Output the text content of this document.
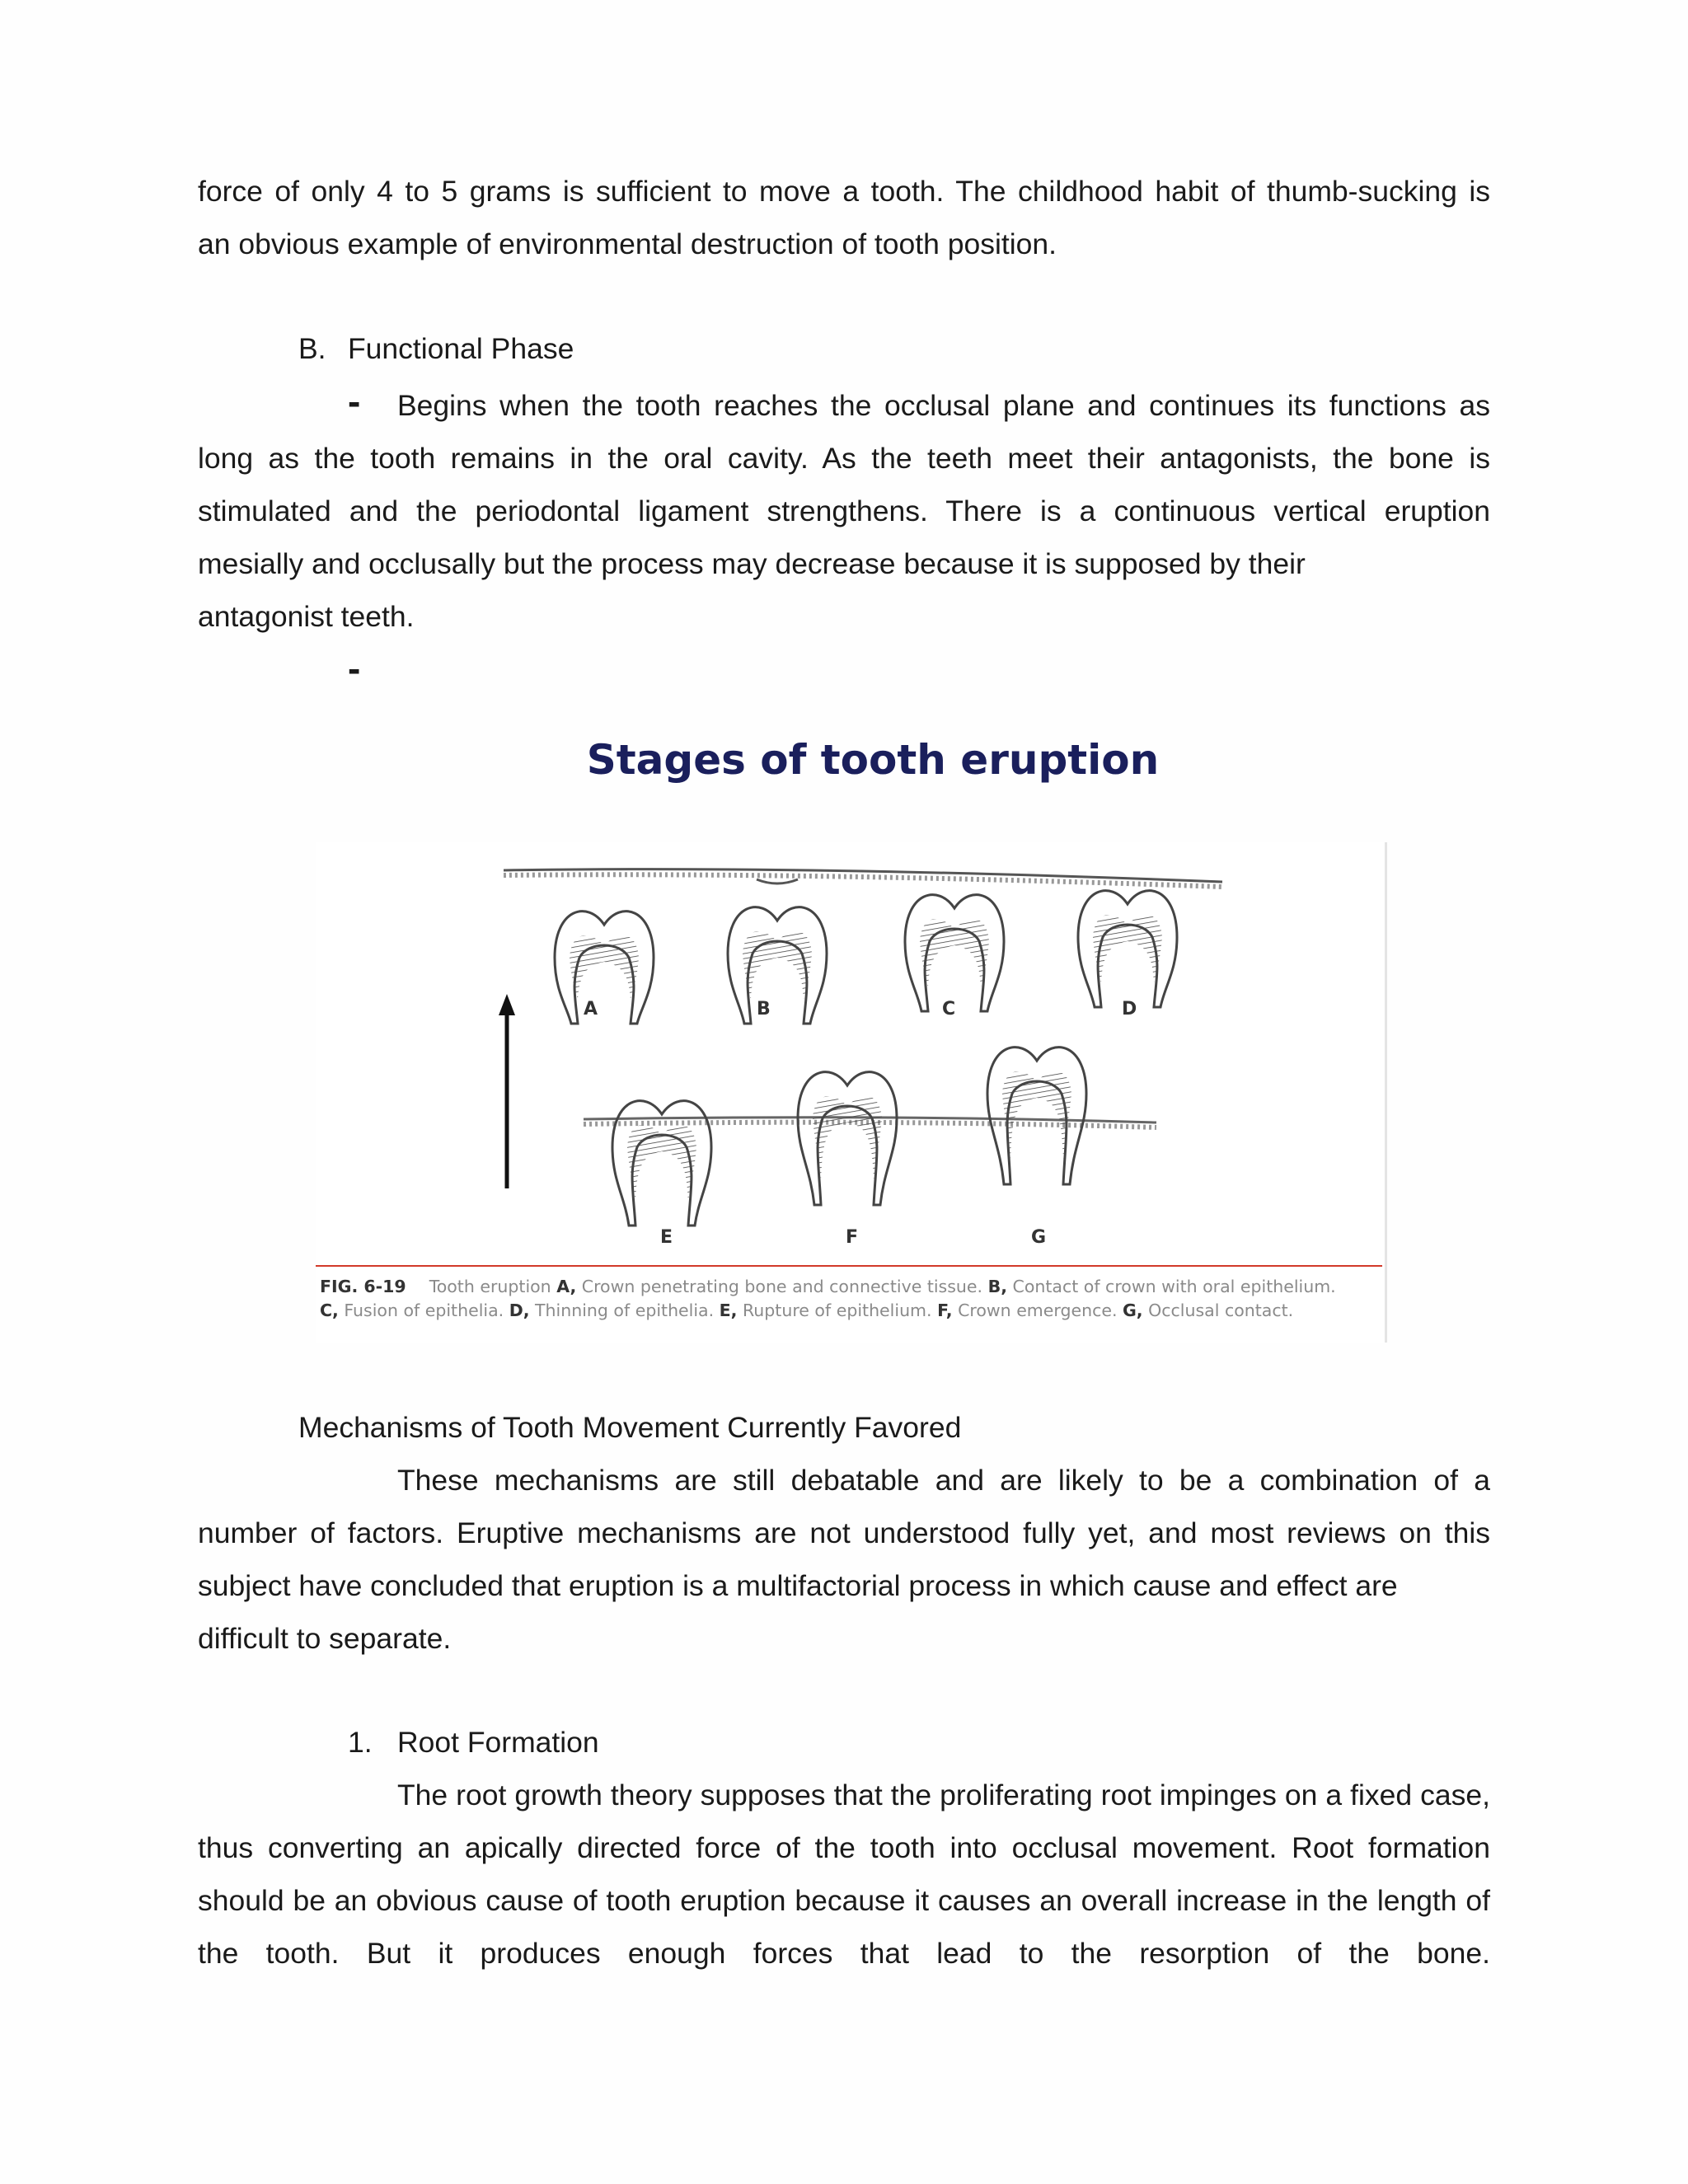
force of only 4 to 5 grams is sufficient to move a tooth. The childhood habit of thumb-sucking is
an obvious example of environmental destruction of tooth position.
B. Functional Phase
-	Begins when the tooth reaches the occlusal plane and continues its functions as long as the tooth remains in the oral cavity. As the teeth meet their antagonists, the bone is stimulated and the periodontal ligament strengthens. There is a continuous vertical eruption mesially and occlusally but the process may decrease because it is supposed by their
antagonist teeth.
-
Stages of tooth eruption
A	B	C	D
E	F	G
FIG. 6-19 Tooth eruption A, Crown penetrating bone and connective tissue. B, Contact of crown with oral epithelium.
C, Fusion of epithelia. D, Thinning of epithelia. E, Rupture of epithelium. F, Crown emergence. G, Occlusal contact.
Mechanisms of Tooth Movement Currently Favored
These mechanisms are still debatable and are likely to be a combination of a number of factors. Eruptive mechanisms are not understood fully yet, and most reviews on this subject have concluded that eruption is a multifactorial process in which cause and effect are
difficult to separate.
1. Root Formation
The root growth theory supposes that the proliferating root impinges on a fixed case, thus converting an apically directed force of the tooth into occlusal movement. Root formation should be an obvious cause of tooth eruption because it causes an overall increase in the length of the tooth. But it produces enough forces that lead to the resorption of the bone.
